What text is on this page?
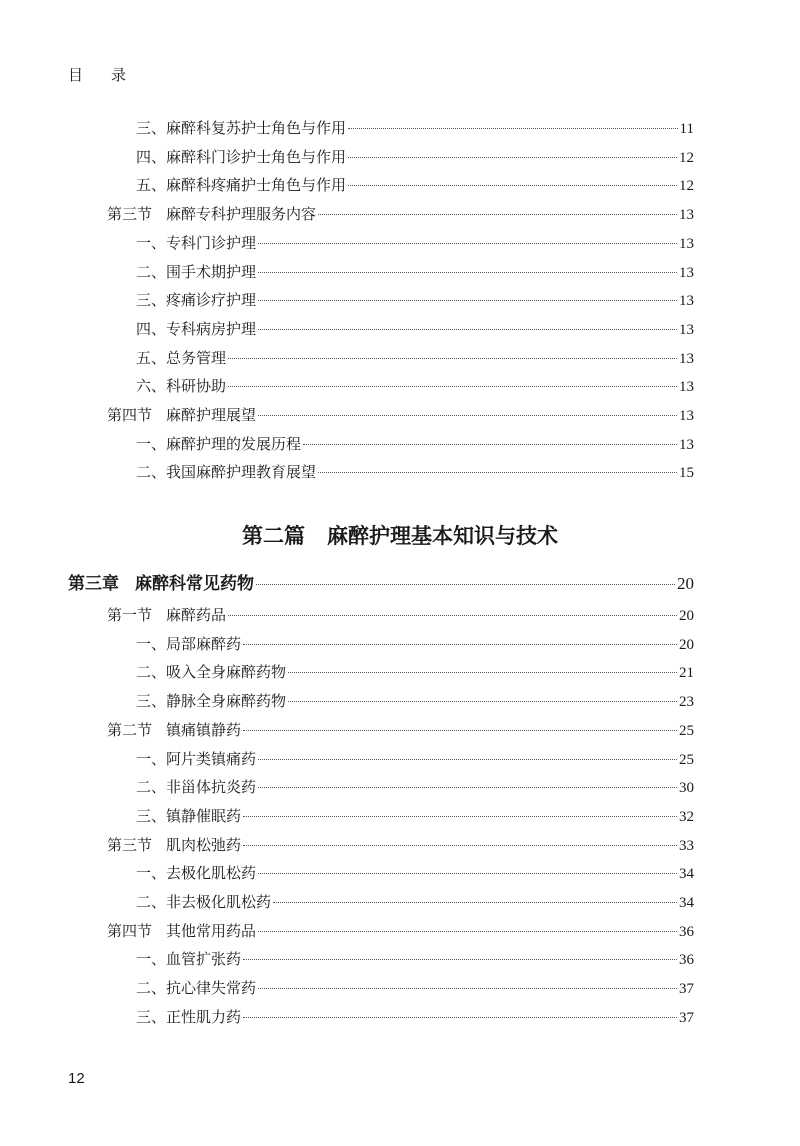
目 录
三、麻醉科复苏护士角色与作用	11
四、麻醉科门诊护士角色与作用	12
五、麻醉科疼痛护士角色与作用	12
第三节 麻醉专科护理服务内容	13
一、专科门诊护理	13
二、围手术期护理	13
三、疼痛诊疗护理	13
四、专科病房护理	13
五、总务管理	13
六、科研协助	13
第四节 麻醉护理展望	13
一、麻醉护理的发展历程	13
二、我国麻醉护理教育展望	15
第三章 麻醉科常见药物	20
第一节 麻醉药品	20
一、局部麻醉药	20
二、吸入全身麻醉药物	21
三、静脉全身麻醉药物	23
第二节 镇痛镇静药	25
一、阿片类镇痛药	25
二、非甾体抗炎药	30
三、镇静催眠药	32
第三节 肌肉松弛药	33
一、去极化肌松药	34
二、非去极化肌松药	34
第四节 其他常用药品	36
一、血管扩张药	36
二、抗心律失常药	37
三、正性肌力药	37
第二篇 麻醉护理基本知识与技术
12
